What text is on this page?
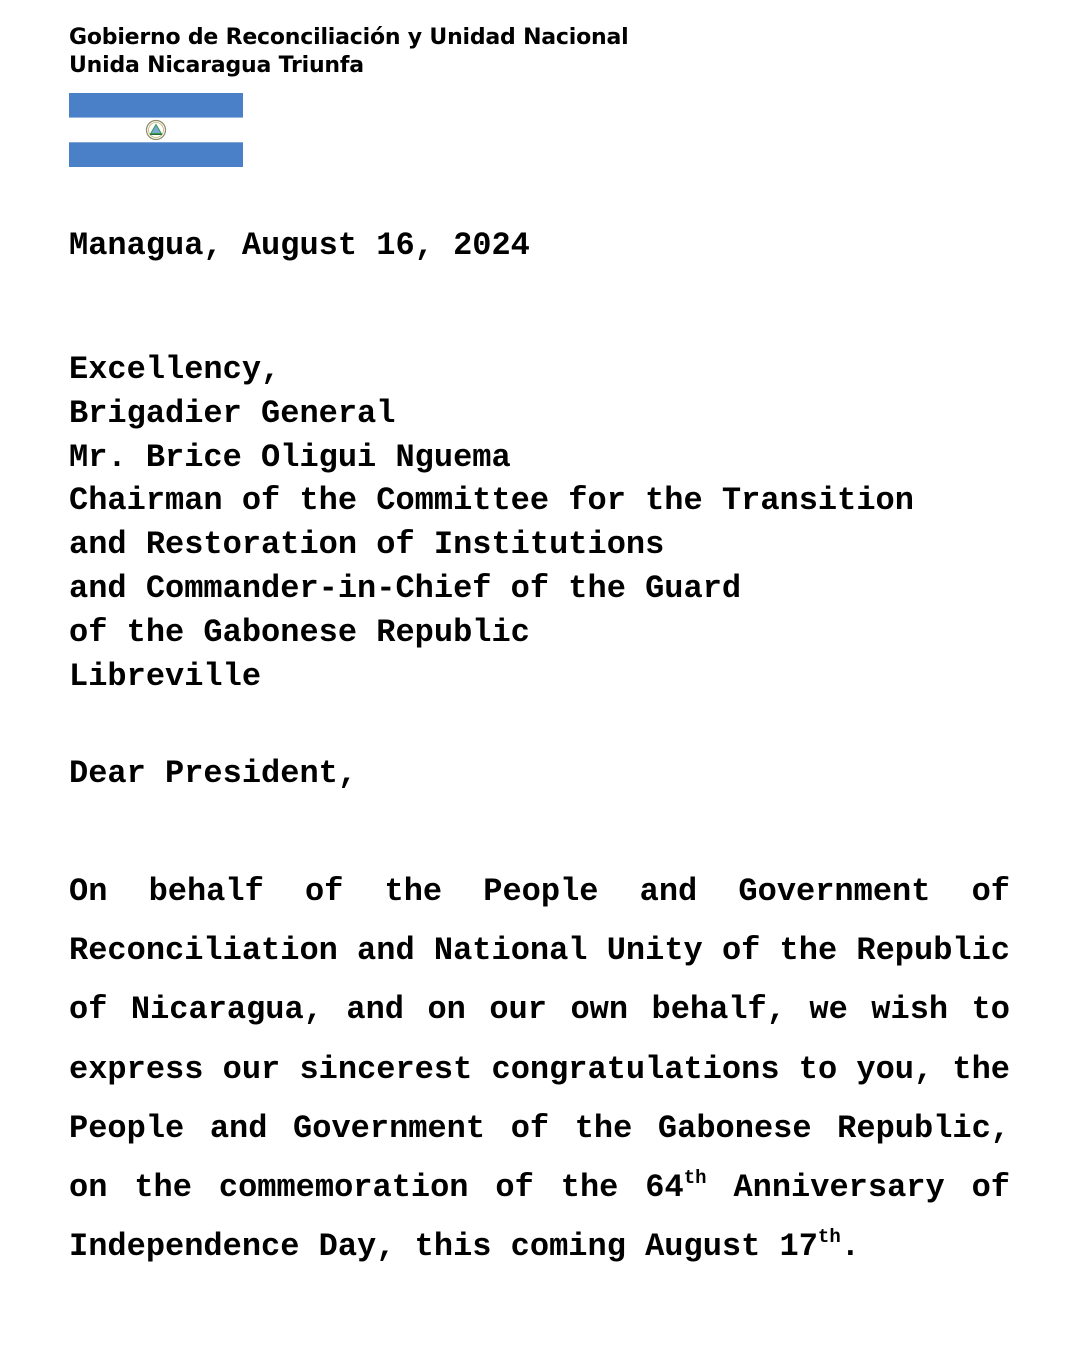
Gobierno de Reconciliación y Unidad Nacional
Unida Nicaragua Triunfa
Managua, August 16, 2024
Excellency,
Brigadier General
Mr. Brice Oligui Nguema
Chairman of the Committee for the Transition
and Restoration of Institutions
and Commander-in-Chief of the Guard
of the Gabonese Republic
Libreville
Dear President,
On behalf of the People and Government of Reconciliation and National Unity of the Republic of Nicaragua, and on our own behalf, we wish to express our sincerest congratulations to you, the People and Government of the Gabonese Republic, on the commemoration of the 64th Anniversary of Independence Day, this coming August 17th.
